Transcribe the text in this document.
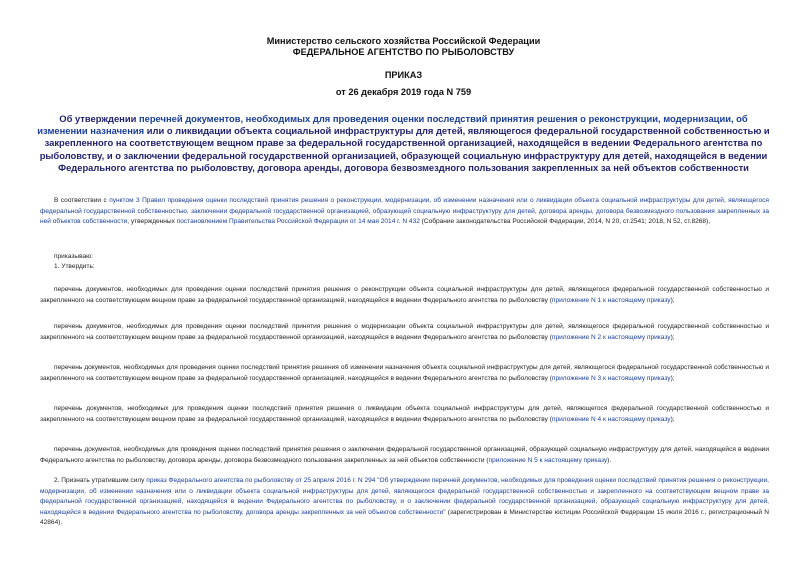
Министерство сельского хозяйства Российской Федерации
ФЕДЕРАЛЬНОЕ АГЕНТСТВО ПО РЫБОЛОВСТВУ
ПРИКАЗ
от 26 декабря 2019 года N 759
Об утверждении перечней документов, необходимых для проведения оценки последствий принятия решения о реконструкции, модернизации, об изменении назначения или о ликвидации объекта социальной инфраструктуры для детей, являющегося федеральной государственной собственностью и закрепленного на соответствующем вещном праве за федеральной государственной организацией, находящейся в ведении Федерального агентства по рыболовству, и о заключении федеральной государственной организацией, образующей социальную инфраструктуру для детей, находящейся в ведении Федерального агентства по рыболовству, договора аренды, договора безвозмездного пользования закрепленных за ней объектов собственности
В соответствии с пунктом 3 Правил проведения оценки последствий принятия решения о реконструкции, модернизации, об изменении назначения или о ликвидации объекта социальной инфраструктуры для детей, являющегося федеральной государственной собственностью, заключении федеральной государственной организацией, образующей социальную инфраструктуру для детей, договора аренды, договора безвозмездного пользования закрепленных за ней объектов собственности, утвержденных постановлением Правительства Российской Федерации от 14 мая 2014 г. N 432 (Собрание законодательства Российской Федерации, 2014, N 20, ст.2541; 2018, N 52, ст.8268),
приказываю:
1. Утвердить:
перечень документов, необходимых для проведения оценки последствий принятия решения о реконструкции объекта социальной инфраструктуры для детей, являющегося федеральной государственной собственностью и закрепленного на соответствующем вещном праве за федеральной государственной организацией, находящейся в ведении Федерального агентства по рыболовству (приложение N 1 к настоящему приказу);
перечень документов, необходимых для проведения оценки последствий принятия решения о модернизации объекта социальной инфраструктуры для детей, являющегося федеральной государственной собственностью и закрепленного на соответствующем вещном праве за федеральной государственной организацией, находящейся в ведении Федерального агентства по рыболовству (приложение N 2 к настоящему приказу);
перечень документов, необходимых для проведения оценки последствий принятия решения об изменении назначения объекта социальной инфраструктуры для детей, являющегося федеральной государственной собственностью и закрепленного на соответствующем вещном праве за федеральной государственной организацией, находящейся в ведении Федерального агентства по рыболовству (приложение N 3 к настоящему приказу);
перечень документов, необходимых для проведения оценки последствий принятия решения о ликвидации объекта социальной инфраструктуры для детей, являющегося федеральной государственной собственностью и закрепленного на соответствующем вещном праве за федеральной государственной организацией, находящейся в ведении Федерального агентства по рыболовству (приложение N 4 к настоящему приказу);
перечень документов, необходимых для проведения оценки последствий принятия решения о заключении федеральной государственной организацией, образующей социальную инфраструктуру для детей, находящейся в ведении Федерального агентства по рыболовству, договора аренды, договора безвозмездного пользования закрепленных за ней объектов собственности (приложение N 5 к настоящему приказу).
2. Признать утратившим силу приказ Федерального агентства по рыболовству от 25 апреля 2016 г. N 294 "Об утверждении перечней документов, необходимых для проведения оценки последствий принятия решения о реконструкции, модернизации, об изменении назначения или о ликвидации объекта социальной инфраструктуры для детей, являющегося федеральной государственной собственностью и закрепленного на соответствующем вещном праве за федеральной государственной организацией, находящейся в ведении Федерального агентства по рыболовству, и о заключении федеральной государственной организацией, образующей социальную инфраструктуру для детей, находящейся в ведении Федерального агентства по рыболовству, договора аренды закрепленных за ней объектов собственности" (зарегистрирован в Министерстве юстиции Российской Федерации 15 июля 2016 г., регистрационный N 42864).
